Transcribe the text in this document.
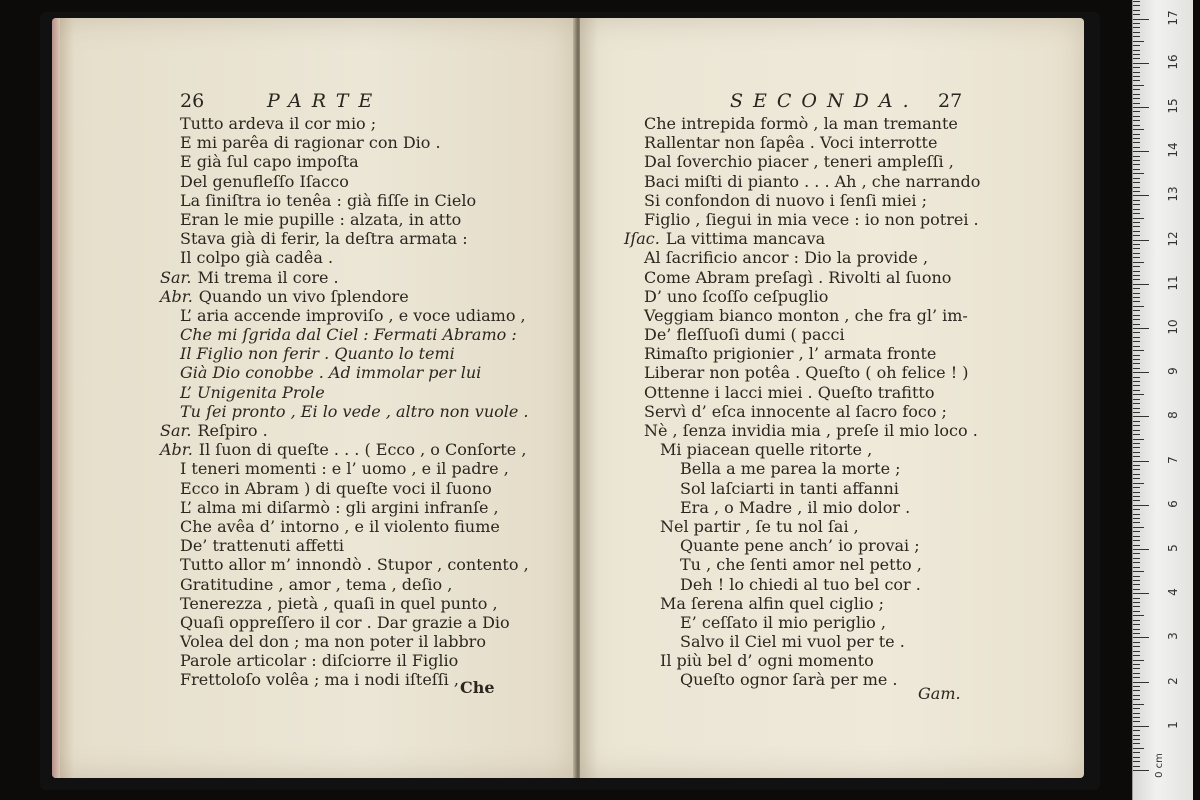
26	PARTE
Tutto ardeva il cor mio ;
E mi parêa di ragionar con Dio .
E già ſul capo impoſta
Del genufleſſo Iſacco
La ſiniſtra io tenêa : già fiſſe in Cielo
Eran le mie pupille : alzata, in atto
Stava già di ferir, la deſtra armata :
Il colpo già cadêa .
Sar. Mi trema il core .
Abr. Quando un vivo ſplendore
L’ aria accende improviſo , e voce udiamo ,
Che mi ſgrida dal Ciel : Fermati Abramo :
Il Figlio non ferir . Quanto lo temi
Già Dio conobbe . Ad immolar per lui
L’ Unigenita Prole
Tu ſei pronto , Ei lo vede , altro non vuole .
Sar. Reſpiro .
Abr. Il ſuon di queſte . . . ( Ecco , o Conſorte ,
I teneri momenti : e l’ uomo , e il padre ,
Ecco in Abram ) di queſte voci il ſuono
L’ alma mi diſarmò : gli argini infranſe ,
Che avêa d’ intorno , e il violento fiume
De’ trattenuti affetti
Tutto allor m’ innondò . Stupor , contento ,
Gratitudine , amor , tema , deſio ,
Tenerezza , pietà , quaſi in quel punto ,
Quaſi oppreſſero il cor . Dar grazie a Dio
Volea del don ; ma non poter il labbro
Parole articolar : diſciorre il Figlio
Frettoloſo volêa ; ma i nodi iſteſſi , Che
SECONDA. 27
Che intrepida formò , la man tremante
Rallentar non ſapêa . Voci interrotte
Dal ſoverchio piacer , teneri ampleſſi ,
Baci miſti di pianto . . . Ah , che narrando
Si confondon di nuovo i ſenſi miei ;
Figlio , ſiegui in mia vece : io non potrei .
Iſac. La vittima mancava
Al ſacrificio ancor : Dio la provide ,
Come Abram preſagì . Rivolti al ſuono
D’ uno ſcoſſo ceſpuglio
Veggiam bianco monton , che fra gl’ im-
De’ fleſſuoſi dumi ( pacci
Rimaſto prigionier , l’ armata fronte
Liberar non potêa . Queſto ( oh felice ! )
Ottenne i lacci miei . Queſto trafitto
Servì d’ eſca innocente al ſacro foco ;
Nè , ſenza invidia mia , preſe il mio loco .
Mi piacean quelle ritorte ,
Bella a me parea la morte ;
Sol laſciarti in tanti affanni
Era , o Madre , il mio dolor .
Nel partir , ſe tu nol ſai ,
Quante pene anch’ io provai ;
Tu , che ſenti amor nel petto ,
Deh ! lo chiedi al tuo bel cor .
Ma ſerena alfin quel ciglio ;
E’ ceſſato il mio periglio ,
Salvo il Ciel mi vuol per te .
Il più bel d’ ogni momento
Queſto ognor ſarà per me .
Gam.
0 cm
1
2
3
4
5
6
7
8
9
10
11
12
13
14
15
16
17
